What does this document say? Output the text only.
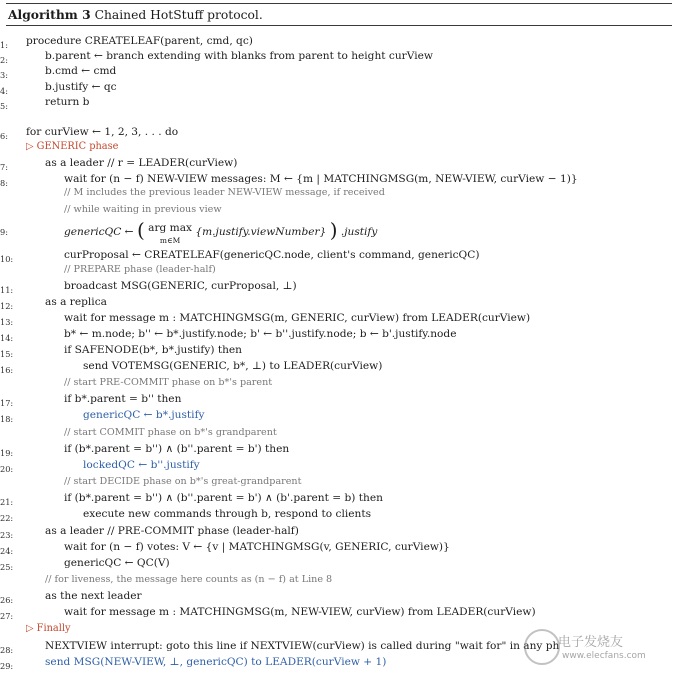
Algorithm 3 Chained HotStuff protocol.
1: procedure CREATELEAF(parent, cmd, qc)
2:	b.parent ← branch extending with blanks from parent to height curView
3:	b.cmd ← cmd
4:	b.justify ← qc
5:	return b
6: for curView ← 1, 2, 3, . . . do
▷ GENERIC phase
7:	as a leader // r = LEADER(curView)
8:	wait for (n − f) NEW-VIEW messages: M ← {m | MATCHINGMSG(m, NEW-VIEW, curView − 1)}
// M includes the previous leader NEW-VIEW message, if received
// while waiting in previous view
10:	curProposal ← CREATELEAF(genericQC.node, client's command, genericQC)
// PREPARE phase (leader-half)
11:	broadcast MSG(GENERIC, curProposal, ⊥)
12:	as a replica
13:	wait for message m : MATCHINGMSG(m, GENERIC, curView) from LEADER(curView)
14:	b* ← m.node; b'' ← b*.justify.node; b' ← b''.justify.node; b ← b'.justify.node
15:	if SAFENODE(b*, b*.justify) then
16:	send VOTEMSG(GENERIC, b*, ⊥) to LEADER(curView)
// start PRE-COMMIT phase on b*'s parent
17:	if b*.parent = b'' then
18:	genericQC ← b*.justify
// start COMMIT phase on b*'s grandparent
19:	if (b*.parent = b'') ∧ (b''.parent = b') then
20:	lockedQC ← b''.justify
// start DECIDE phase on b*'s great-grandparent
21:	if (b*.parent = b'') ∧ (b''.parent = b') ∧ (b'.parent = b) then
22:	execute new commands through b, respond to clients
23:	as a leader // PRE-COMMIT phase (leader-half)
24:	wait for (n − f) votes: V ← {v | MATCHINGMSG(v, GENERIC, curView)}
25:	genericQC ← QC(V)
// for liveness, the message here counts as (n − f) at Line 8
26:	as the next leader
27:	wait for message m : MATCHINGMSG(m, NEW-VIEW, curView) from LEADER(curView)
▷ Finally
28:	NEXTVIEW interrupt: goto this line if NEXTVIEW(curView) is called during "wait for" in any ph
29:	send MSG(NEW-VIEW, ⊥, genericQC) to LEADER(curView + 1)
9:	genericQC ← ( arg max
m∈M {m.justify.viewNumber} ) .justify
电子发烧友
www.elecfans.com
